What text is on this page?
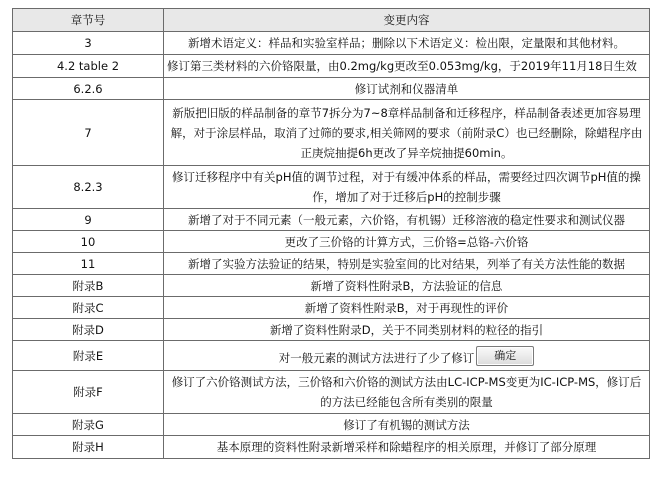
章节号	变更内容
3	新增术语定义：样品和实验室样品；删除以下术语定义：检出限，定量限和其他材料。
4.2 table 2	修订第三类材料的六价铬限量，由0.2mg/kg更改至0.053mg/kg，于2019年11月18日生效
6.2.6	修订试剂和仪器清单
7	新版把旧版的样品制备的章节7拆分为7~8章样品制备和迁移程序，样品制备表述更加容易理解，对于涂层样品，取消了过筛的要求,相关筛网的要求（前附录C）也已经删除，除蜡程序由正庚烷抽提6h更改了异辛烷抽提60min。
8.2.3	修订迁移程序中有关pH值的调节过程，对于有缓冲体系的样品，需要经过四次调节pH值的操作，增加了对于迁移后pH的控制步骤
9	新增了对于不同元素（一般元素，六价铬，有机锡）迁移溶液的稳定性要求和测试仪器
10	更改了三价铬的计算方式，三价铬=总铬-六价铬
11	新增了实验方法验证的结果，特别是实验室间的比对结果，列举了有关方法性能的数据
附录B	新增了资料性附录B，方法验证的信息
附录C	新增了资料性附录B，对于再现性的评价
附录D	新增了资料性附录D，关于不同类别材料的粒径的指引
附录E	对一般元素的测试方法进行了少了修订 确定
附录F	修订了六价铬测试方法，三价铬和六价铬的测试方法由LC-ICP-MS变更为IC-ICP-MS，修订后的方法已经能包含所有类别的限量
附录G	修订了有机锡的测试方法
附录H	基本原理的资料性附录新增采样和除蜡程序的相关原理，并修订了部分原理
